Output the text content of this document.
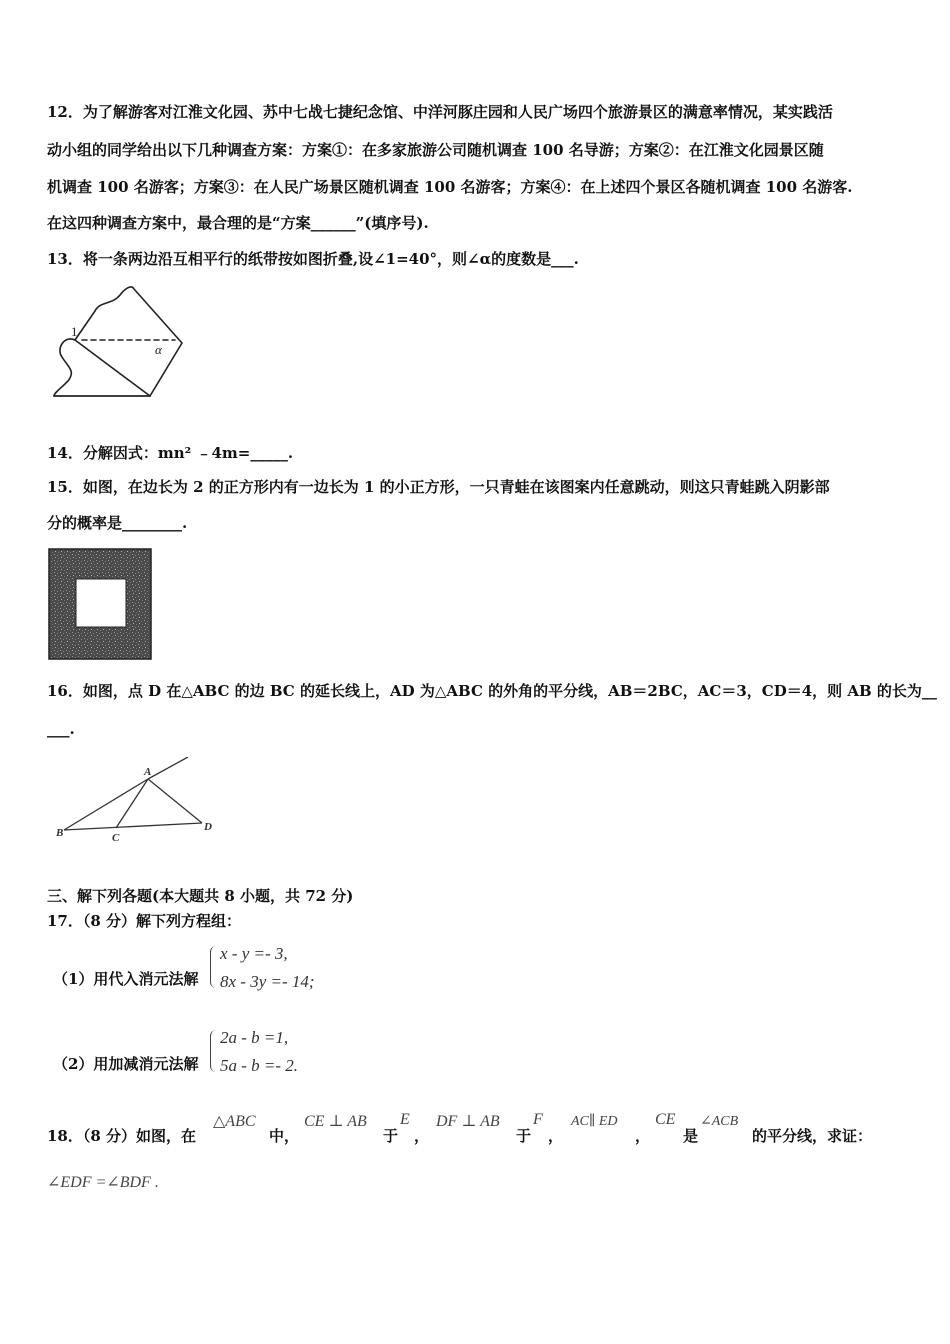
12．为了解游客对江淮文化园、苏中七战七捷纪念馆、中洋河豚庄园和人民广场四个旅游景区的满意率情况，某实践活
动小组的同学给出以下几种调查方案：方案①：在多家旅游公司随机调查 100 名导游；方案②：在江淮文化园景区随
机调查 100 名游客；方案③：在人民广场景区随机调查 100 名游客；方案④：在上述四个景区各随机调查 100 名游客.
在这四种调查方案中，最合理的是“方案______”(填序号).
13．将一条两边沿互相平行的纸带按如图折叠,设∠1=40°，则∠α的度数是___.
1
α
14．分解因式：mn² ﹣4m=_____.
15．如图，在边长为 2 的正方形内有一边长为 1 的小正方形，一只青蛙在该图案内任意跳动，则这只青蛙跳入阴影部
分的概率是________.
16．如图，点 D 在△ABC 的边 BC 的延长线上，AD 为△ABC 的外角的平分线，AB＝2BC，AC＝3，CD＝4，则 AB 的长为__
___.
A
B	C
D
三、解下列各题(本大题共 8 小题，共 72 分)
17．（8 分）解下列方程组：
（1）用代入消元法解
x - y =- 3,
8x - 3y =- 14;
（2）用加减消元法解
2a - b =1,
5a - b =- 2.
18．（8 分）如图，在
△ABC
中，
CE ⊥ AB
于
E
，
DF ⊥ AB
于
F
，
AC∥ ED
，
CE
是
∠ACB
的平分线，求证：
∠EDF =∠BDF .
